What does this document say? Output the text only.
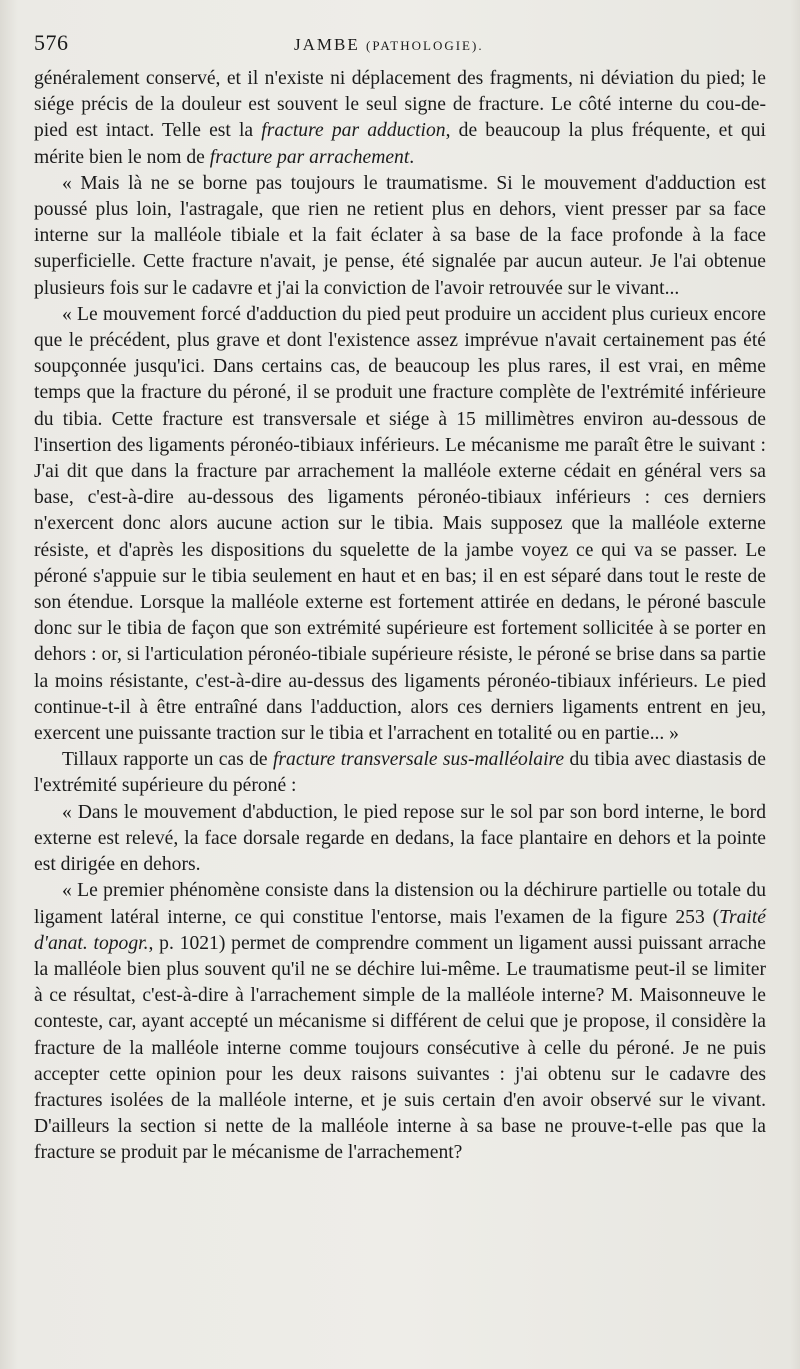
576	JAMBE (PATHOLOGIE).

généralement conservé, et il n'existe ni déplacement des fragments, ni déviation du pied; le siége précis de la douleur est souvent le seul signe de fracture. Le côté interne du cou-de-pied est intact. Telle est la fracture par adduction, de beaucoup la plus fréquente, et qui mérite bien le nom de fracture par arrachement.

« Mais là ne se borne pas toujours le traumatisme. Si le mouvement d'adduction est poussé plus loin, l'astragale, que rien ne retient plus en dehors, vient presser par sa face interne sur la malléole tibiale et la fait éclater à sa base de la face profonde à la face superficielle. Cette fracture n'avait, je pense, été signalée par aucun auteur. Je l'ai obtenue plusieurs fois sur le cadavre et j'ai la conviction de l'avoir retrouvée sur le vivant...

« Le mouvement forcé d'adduction du pied peut produire un accident plus curieux encore que le précédent, plus grave et dont l'existence assez imprévue n'avait certainement pas été soupçonnée jusqu'ici. Dans certains cas, de beaucoup les plus rares, il est vrai, en même temps que la fracture du péroné, il se produit une fracture complète de l'extrémité inférieure du tibia. Cette fracture est transversale et siége à 15 millimètres environ au-dessous de l'insertion des ligaments péronéo-tibiaux inférieurs. Le mécanisme me paraît être le suivant : J'ai dit que dans la fracture par arrachement la malléole externe cédait en général vers sa base, c'est-à-dire au-dessous des ligaments péronéo-tibiaux inférieurs : ces derniers n'exercent donc alors aucune action sur le tibia. Mais supposez que la malléole externe résiste, et d'après les dispositions du squelette de la jambe voyez ce qui va se passer. Le péroné s'appuie sur le tibia seulement en haut et en bas; il en est séparé dans tout le reste de son étendue. Lorsque la malléole externe est fortement attirée en dedans, le péroné bascule donc sur le tibia de façon que son extrémité supérieure est fortement sollicitée à se porter en dehors : or, si l'articulation péronéo-tibiale supérieure résiste, le péroné se brise dans sa partie la moins résistante, c'est-à-dire au-dessus des ligaments péronéo-tibiaux inférieurs. Le pied continue-t-il à être entraîné dans l'adduction, alors ces derniers ligaments entrent en jeu, exercent une puissante traction sur le tibia et l'arrachent en totalité ou en partie... »

Tillaux rapporte un cas de fracture transversale sus-malléolaire du tibia avec diastasis de l'extrémité supérieure du péroné :

« Dans le mouvement d'abduction, le pied repose sur le sol par son bord interne, le bord externe est relevé, la face dorsale regarde en dedans, la face plantaire en dehors et la pointe est dirigée en dehors.

« Le premier phénomène consiste dans la distension ou la déchirure partielle ou totale du ligament latéral interne, ce qui constitue l'entorse, mais l'examen de la figure 253 (Traité d'anat. topogr., p. 1021) permet de comprendre comment un ligament aussi puissant arrache la malléole bien plus souvent qu'il ne se déchire lui-même. Le traumatisme peut-il se limiter à ce résultat, c'est-à-dire à l'arrachement simple de la malléole interne? M. Maisonneuve le conteste, car, ayant accepté un mécanisme si différent de celui que je propose, il considère la fracture de la malléole interne comme toujours consécutive à celle du péroné. Je ne puis accepter cette opinion pour les deux raisons suivantes : j'ai obtenu sur le cadavre des fractures isolées de la malléole interne, et je suis certain d'en avoir observé sur le vivant. D'ailleurs la section si nette de la malléole interne à sa base ne prouve-t-elle pas que la fracture se produit par le mécanisme de l'arrachement?
